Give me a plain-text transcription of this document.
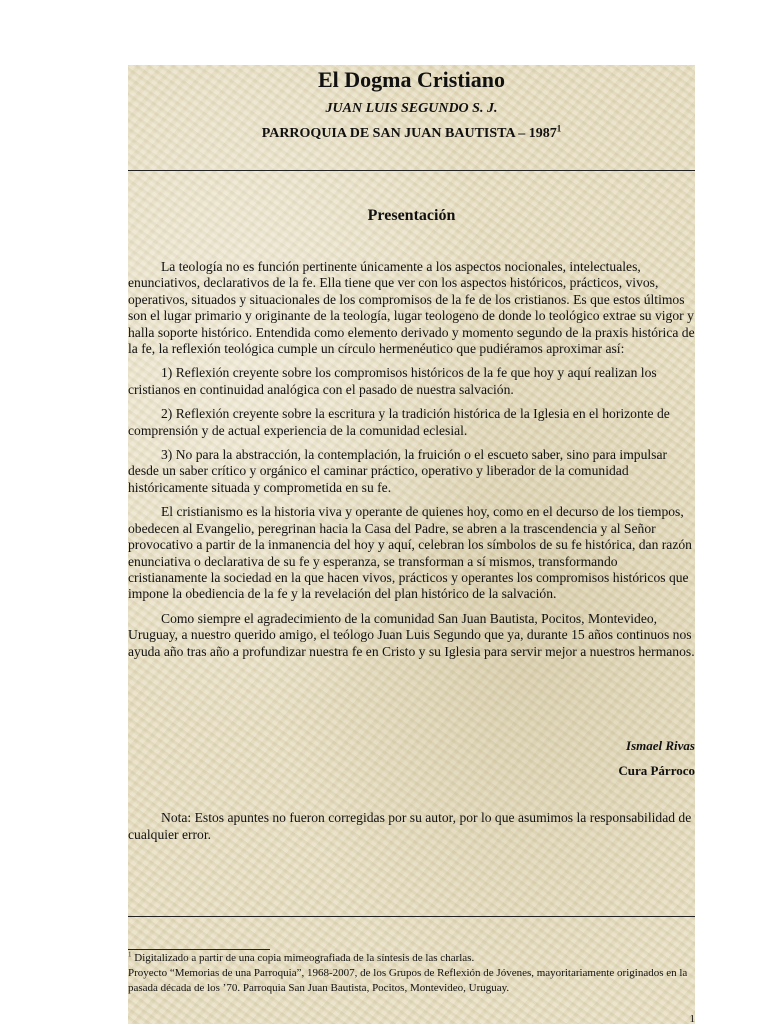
El Dogma Cristiano

JUAN LUIS SEGUNDO S. J.

PARROQUIA DE SAN JUAN BAUTISTA – 1987$^1$

Presentación

La teología no es función pertinente únicamente a los aspectos nocionales, intelectuales, enunciativos, declarativos de la fe. Ella tiene que ver con los aspectos históricos, prácticos, vivos, operativos, situados y situacionales de los compromisos de la fe de los cristianos. Es que estos últimos son el lugar primario y originante de la teología, lugar teologeno de donde lo teológico extrae su vigor y halla soporte histórico. Entendida como elemento derivado y momento segundo de la praxis histórica de la fe, la reflexión teológica cumple un círculo hermenéutico que pudiéramos aproximar así:

1) Reflexión creyente sobre los compromisos históricos de la fe que hoy y aquí realizan los cristianos en continuidad analógica con el pasado de nuestra salvación.

2) Reflexión creyente sobre la escritura y la tradición histórica de la Iglesia en el horizonte de comprensión y de actual experiencia de la comunidad eclesial.

3) No para la abstracción, la contemplación, la fruición o el escueto saber, sino para impulsar desde un saber crítico y orgánico el caminar práctico, operativo y liberador de la comunidad históricamente situada y comprometida en su fe.

El cristianismo es la historia viva y operante de quienes hoy, como en el decurso de los tiempos, obedecen al Evangelio, peregrinan hacia la Casa del Padre, se abren a la trascendencia y al Señor provocativo a partir de la inmanencia del hoy y aquí, celebran los símbolos de su fe histórica, dan razón enunciativa o declarativa de su fe y esperanza, se transforman a sí mismos, transformando cristianamente la sociedad en la que hacen vivos, prácticos y operantes los compromisos históricos que impone la obediencia de la fe y la revelación del plan histórico de la salvación.

Como siempre el agradecimiento de la comunidad San Juan Bautista, Pocitos, Montevideo, Uruguay, a nuestro querido amigo, el teólogo Juan Luis Segundo que ya, durante 15 años continuos nos ayuda año tras año a profundizar nuestra fe en Cristo y su Iglesia para servir mejor a nuestros hermanos.

Ismael Rivas

Cura Párroco

Nota: Estos apuntes no fueron corregidas por su autor, por lo que asumimos la responsabilidad de cualquier error.

$^1$ Digitalizado a partir de una copia mimeografiada de la síntesis de las charlas.
Proyecto “Memorias de una Parroquia”, 1968-2007, de los Grupos de Reflexión de Jóvenes, mayoritariamente originados en la pasada década de los ’70. Parroquia San Juan Bautista, Pocitos, Montevideo, Uruguay.

1
